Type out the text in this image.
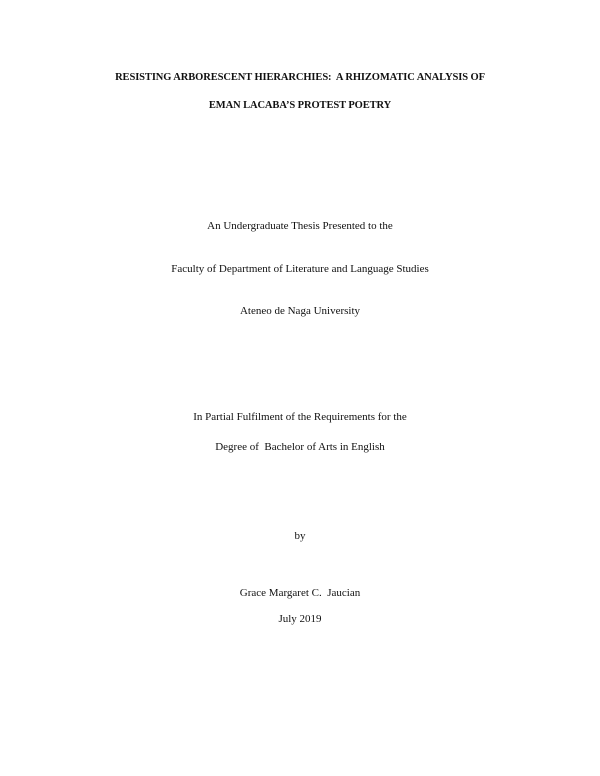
RESISTING ARBORESCENT HIERARCHIES:  A RHIZOMATIC ANALYSIS OF
EMAN LACABA’S PROTEST POETRY
An Undergraduate Thesis Presented to the
Faculty of Department of Literature and Language Studies
Ateneo de Naga University
In Partial Fulfilment of the Requirements for the
Degree of  Bachelor of Arts in English
by
Grace Margaret C.  Jaucian
July 2019
